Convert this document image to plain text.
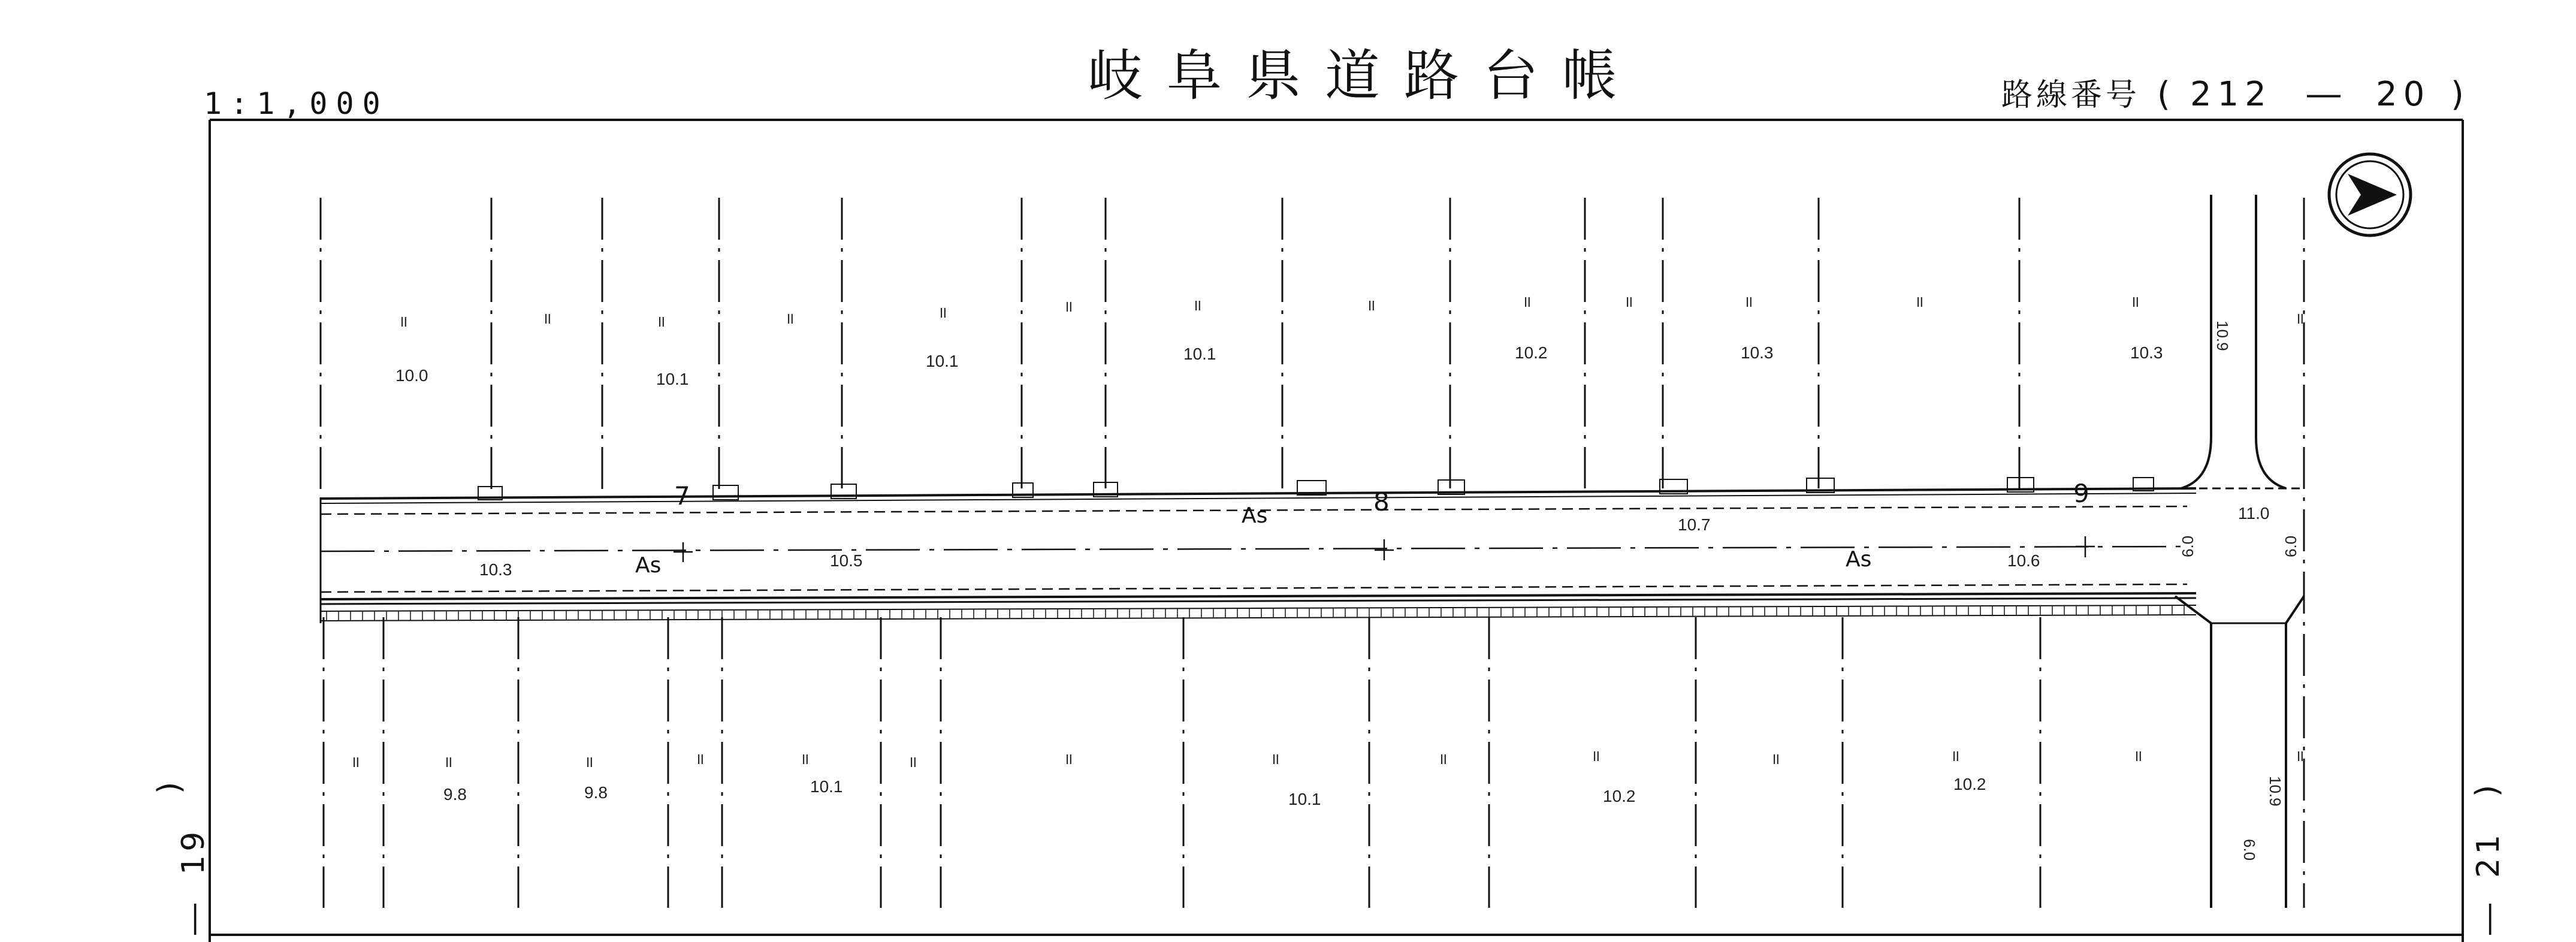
1:1,000	岐阜県道路台帳	路線番号 ( 212 ― 20 )
)
19
―
)
21
―
॥	॥	॥	॥	॥	॥	॥	॥	॥	॥	॥	॥	॥
॥
॥	॥	॥	॥	॥	॥	॥	॥	॥	॥	॥	॥	॥	॥
7	8	9
As
As	As
10.3	10.5
10.7
10.6
11.0
6.0	6.0
6.0
10.0	10.1
10.1	10.1	10.2	10.3	10.3
9.8	9.8	10.1
10.1	10.2
10.2
10.9
10.9
